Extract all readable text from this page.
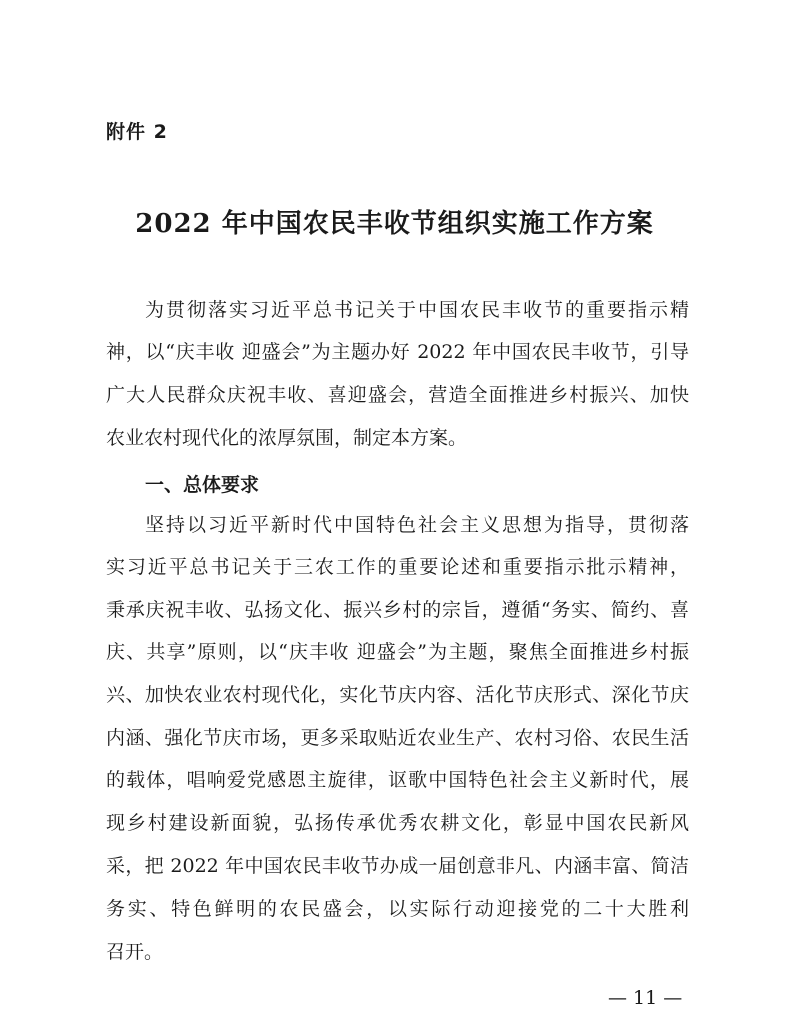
附件 2
2022 年中国农民丰收节组织实施工作方案
为贯彻落实习近平总书记关于中国农民丰收节的重要指示精
神，以“庆丰收 迎盛会”为主题办好 2022 年中国农民丰收节，引导
广大人民群众庆祝丰收、喜迎盛会，营造全面推进乡村振兴、加快
农业农村现代化的浓厚氛围，制定本方案。
一、总体要求
坚持以习近平新时代中国特色社会主义思想为指导，贯彻落
实习近平总书记关于三农工作的重要论述和重要指示批示精神，
秉承庆祝丰收、弘扬文化、振兴乡村的宗旨，遵循“务实、简约、喜
庆、共享”原则，以“庆丰收 迎盛会”为主题，聚焦全面推进乡村振
兴、加快农业农村现代化，实化节庆内容、活化节庆形式、深化节庆
内涵、强化节庆市场，更多采取贴近农业生产、农村习俗、农民生活
的载体，唱响爱党感恩主旋律，讴歌中国特色社会主义新时代，展
现乡村建设新面貌，弘扬传承优秀农耕文化，彰显中国农民新风
采，把 2022 年中国农民丰收节办成一届创意非凡、内涵丰富、简洁
务实、特色鲜明的农民盛会，以实际行动迎接党的二十大胜利
召开。
— 11 —
